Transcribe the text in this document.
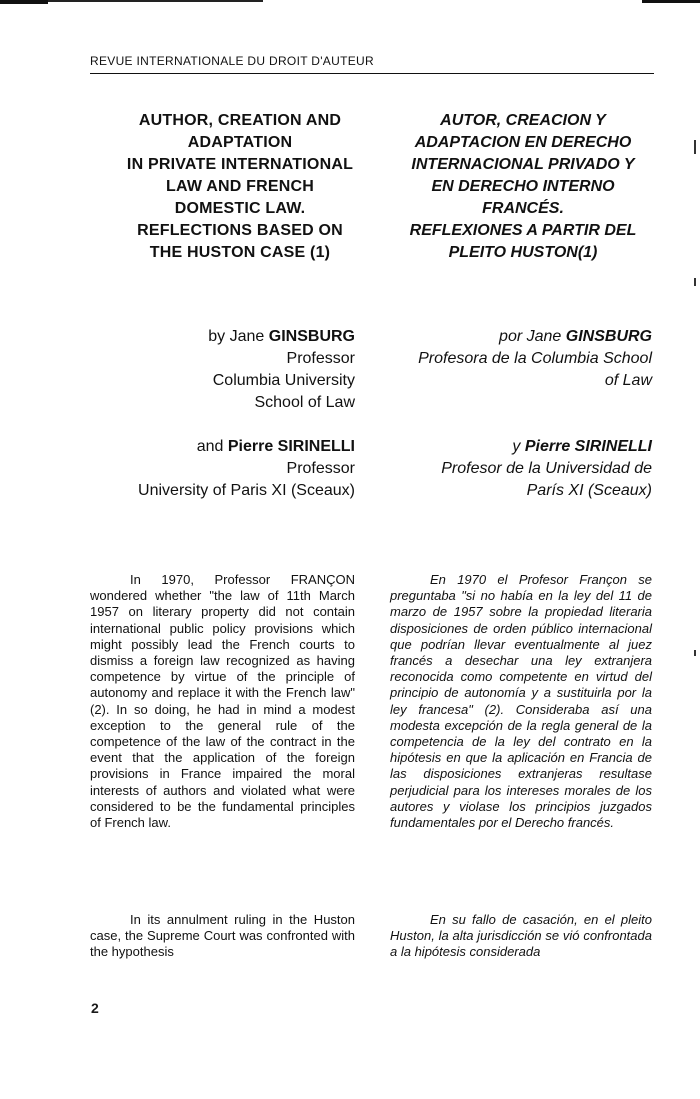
REVUE INTERNATIONALE DU DROIT D'AUTEUR
AUTHOR, CREATION AND
ADAPTATION
IN PRIVATE INTERNATIONAL
LAW AND FRENCH
DOMESTIC LAW.
REFLECTIONS BASED ON
THE HUSTON CASE (1)
AUTOR, CREACION Y
ADAPTACION EN DERECHO
INTERNACIONAL PRIVADO Y
EN DERECHO INTERNO
FRANCÉS.
REFLEXIONES A PARTIR DEL
PLEITO HUSTON(1)
by Jane GINSBURG
Professor
Columbia University
School of Law
por Jane GINSBURG
Profesora de la Columbia School
of Law
and Pierre SIRINELLI
Professor
University of Paris XI (Sceaux)
y Pierre SIRINELLI
Profesor de la Universidad de
París XI (Sceaux)

In 1970, Professor FRANÇON wondered whether "the law of 11th March 1957 on literary property did not contain international public policy provisions which might possibly lead the French courts to dismiss a foreign law recognized as having competence by virtue of the principle of autonomy and replace it with the French law" (2). In so doing, he had in mind a modest exception to the general rule of the competence of the law of the contract in the event that the application of the foreign provisions in France impaired the moral interests of authors and violated what were considered to be the fundamental principles of French law.

En 1970 el Profesor Françon se preguntaba "si no había en la ley del 11 de marzo de 1957 sobre la propiedad literaria disposiciones de orden público internacional que podrían llevar eventualmente al juez francés a desechar una ley extranjera reconocida como competente en virtud del principio de autonomía y a sustituirla por la ley francesa" (2). Consideraba así una modesta excepción de la regla general de la competencia de la ley del contrato en la hipótesis en que la aplicación en Francia de las disposiciones extranjeras resultase perjudicial para los intereses morales de los autores y violase los principios juzgados fundamentales por el Derecho francés.

In its annulment ruling in the Huston case, the Supreme Court was confronted with the hypothesis

En su fallo de casación, en el pleito Huston, la alta jurisdicción se vió confrontada a la hipótesis considerada

2
